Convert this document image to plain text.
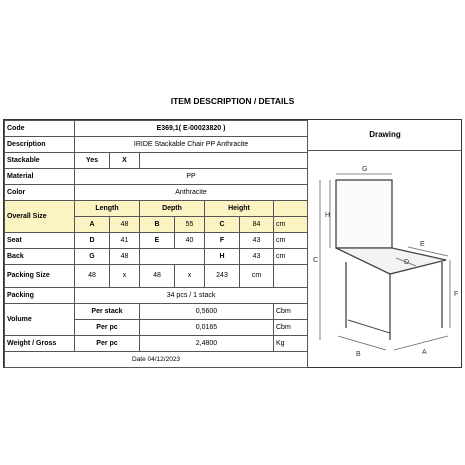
ITEM DESCRIPTION / DETAILS
Code	E369,1( E-00023820 )						
Description	IRIDE Stackable Chair PP Anthracite						
Stackable	Yes	X					
Material	PP						
Color	Anthracite						
Overall Size	Length		Depth		Height		
	A	48	B	55	C	84	cm
Seat	D	41	E	40	F	43	cm
Back	G	48			H	43	cm
Packing Size	48	x	48	x	243	cm	
Packing	34 pcs / 1 stack						
Volume	Per stack		0,5600				Cbm
	Per pc		0,0165				Cbm
Weight / Gross	Per pc		2,4800				Kg
Date 04/12/2023							
Drawing
G
H
C
E
D
F
B	A
